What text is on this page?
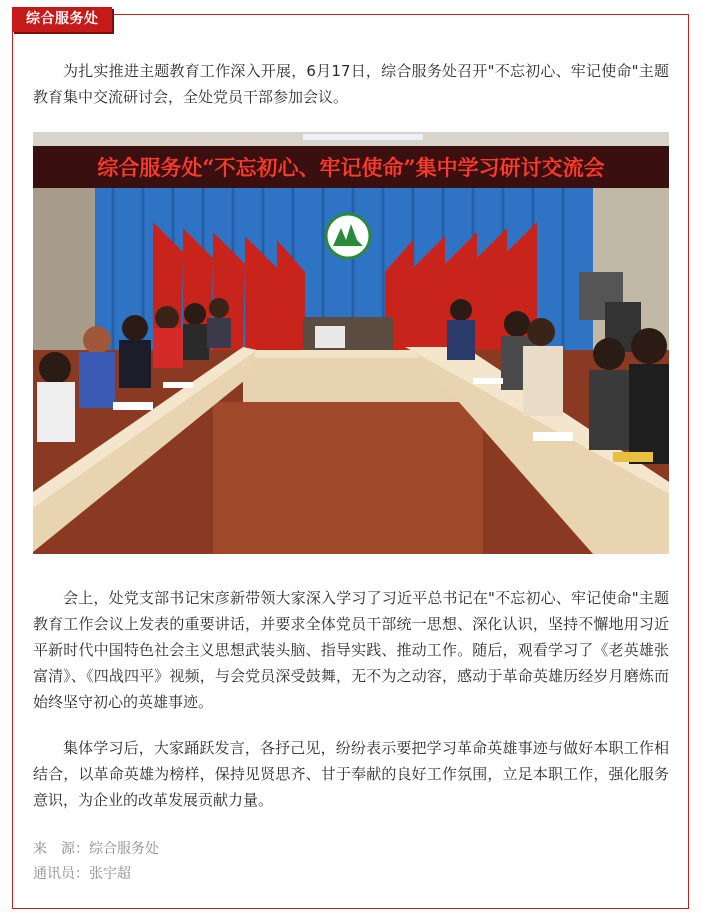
综合服务处

为扎实推进主题教育工作深入开展，6月17日，综合服务处召开"不忘初心、牢记使命"主题教育集中交流研讨会，全处党员干部参加会议。

综合服务处“不忘初心、牢记使命”集中学习研讨交流会

会上，处党支部书记宋彦新带领大家深入学习了习近平总书记在"不忘初心、牢记使命"主题教育工作会议上发表的重要讲话，并要求全体党员干部统一思想、深化认识，坚持不懈地用习近平新时代中国特色社会主义思想武装头脑、指导实践、推动工作。随后，观看学习了《老英雄张富清》、《四战四平》视频，与会党员深受鼓舞，无不为之动容，感动于革命英雄历经岁月磨炼而始终坚守初心的英雄事迹。

集体学习后，大家踊跃发言，各抒己见，纷纷表示要把学习革命英雄事迹与做好本职工作相结合，以革命英雄为榜样，保持见贤思齐、甘于奉献的良好工作氛围，立足本职工作，强化服务意识，为企业的改革发展贡献力量。

来　源：综合服务处
通讯员：张宇超
